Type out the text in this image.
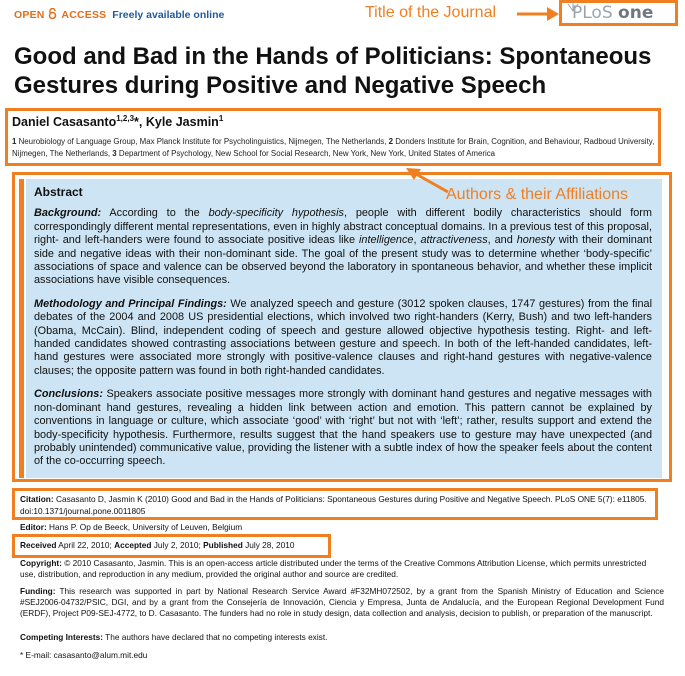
OPEN ACCESS Freely available online	Title of the Journal	PLoS one
Good and Bad in the Hands of Politicians: Spontaneous Gestures during Positive and Negative Speech
Daniel Casasanto$^{1,2,3}$*, Kyle Jasmin$^1$
1 Neurobiology of Language Group, Max Planck Institute for Psycholinguistics, Nijmegen, The Netherlands, 2 Donders Institute for Brain, Cognition, and Behaviour, Radboud University, Nijmegen, The Netherlands, 3 Department of Psychology, New School for Social Research, New York, New York, United States of America
Abstract

Background: According to the body-specificity hypothesis, people with different bodily characteristics should form correspondingly different mental representations, even in highly abstract conceptual domains. In a previous test of this proposal, right- and left-handers were found to associate positive ideas like intelligence, attractiveness, and honesty with their dominant side and negative ideas with their non-dominant side. The goal of the present study was to determine whether ‘body-specific’ associations of space and valence can be observed beyond the laboratory in spontaneous behavior, and whether these implicit associations have visible consequences.

Methodology and Principal Findings: We analyzed speech and gesture (3012 spoken clauses, 1747 gestures) from the final debates of the 2004 and 2008 US presidential elections, which involved two right-handers (Kerry, Bush) and two left-handers (Obama, McCain). Blind, independent coding of speech and gesture allowed objective hypothesis testing. Right- and left-handed candidates showed contrasting associations between gesture and speech. In both of the left-handed candidates, left-hand gestures were associated more strongly with positive-valence clauses and right-hand gestures with negative-valence clauses; the opposite pattern was found in both right-handed candidates.

Conclusions: Speakers associate positive messages more strongly with dominant hand gestures and negative messages with non-dominant hand gestures, revealing a hidden link between action and emotion. This pattern cannot be explained by conventions in language or culture, which associate ‘good’ with ‘right’ but not with ‘left’; rather, results support and extend the body-specificity hypothesis. Furthermore, results suggest that the hand speakers use to gesture may have unexpected (and probably unintended) communicative value, providing the listener with a subtle index of how the speaker feels about the content of the co-occurring speech.

Authors & their Affiliations
Citation: Casasanto D, Jasmin K (2010) Good and Bad in the Hands of Politicians: Spontaneous Gestures during Positive and Negative Speech. PLoS ONE 5(7): e11805. doi:10.1371/journal.pone.0011805
Editor: Hans P. Op de Beeck, University of Leuven, Belgium
Copyright: © 2010 Casasanto, Jasmin. This is an open-access article distributed under the terms of the Creative Commons Attribution License, which permits unrestricted use, distribution, and reproduction in any medium, provided the original author and source are credited.
Received April 22, 2010; Accepted July 2, 2010; Published July 28, 2010
Funding: This research was supported in part by National Research Service Award #F32MH072502, by a grant from the Spanish Ministry of Education and Science #SEJ2006-04732/PSIC, DGI, and by a grant from the Consejería de Innovación, Ciencia y Empresa, Junta de Andalucía, and the European Regional Development Fund (ERDF), Project P09-SEJ-4772, to D. Casasanto. The funders had no role in study design, data collection and analysis, decision to publish, or preparation of the manuscript.
Competing Interests: The authors have declared that no competing interests exist.
* E-mail: casasanto@alum.mit.edu
